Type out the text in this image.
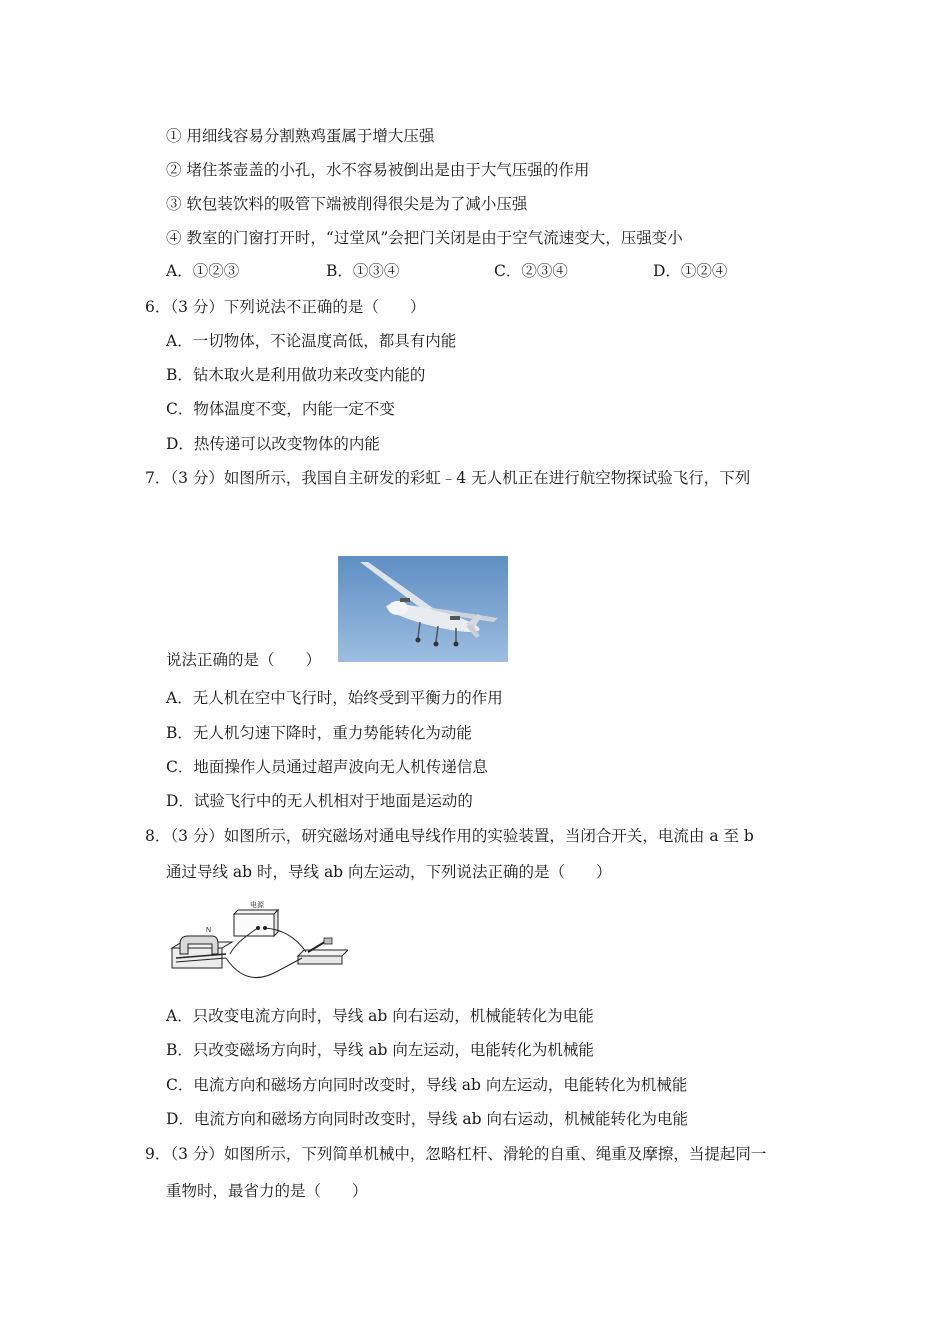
① 用细线容易分割熟鸡蛋属于增大压强
② 堵住茶壶盖的小孔，水不容易被倒出是由于大气压强的作用
③ 软包装饮料的吸管下端被削得很尖是为了减小压强
④ 教室的门窗打开时，“过堂风”会把门关闭是由于空气流速变大，压强变小
A．①②③	B．①③④	C．②③④	D．①②④
6．（3 分）下列说法不正确的是（　　）
A．一切物体，不论温度高低，都具有内能
B．钻木取火是利用做功来改变内能的
C．物体温度不变，内能一定不变
D．热传递可以改变物体的内能
7．（3 分）如图所示，我国自主研发的彩虹﹣4 无人机正在进行航空物探试验飞行，下列
说法正确的是（　　）
A．无人机在空中飞行时，始终受到平衡力的作用
B．无人机匀速下降时，重力势能转化为动能
C．地面操作人员通过超声波向无人机传递信息
D．试验飞行中的无人机相对于地面是运动的
8．（3 分）如图所示，研究磁场对通电导线作用的实验装置，当闭合开关，电流由 a 至 b
通过导线 ab 时，导线 ab 向左运动，下列说法正确的是（　　）
电源
N
A．只改变电流方向时，导线 ab 向右运动，机械能转化为电能
B．只改变磁场方向时，导线 ab 向左运动，电能转化为机械能
C．电流方向和磁场方向同时改变时，导线 ab 向左运动，电能转化为机械能
D．电流方向和磁场方向同时改变时，导线 ab 向右运动，机械能转化为电能
9．（3 分）如图所示，下列简单机械中，忽略杠杆、滑轮的自重、绳重及摩擦，当提起同一
重物时，最省力的是（　　）
